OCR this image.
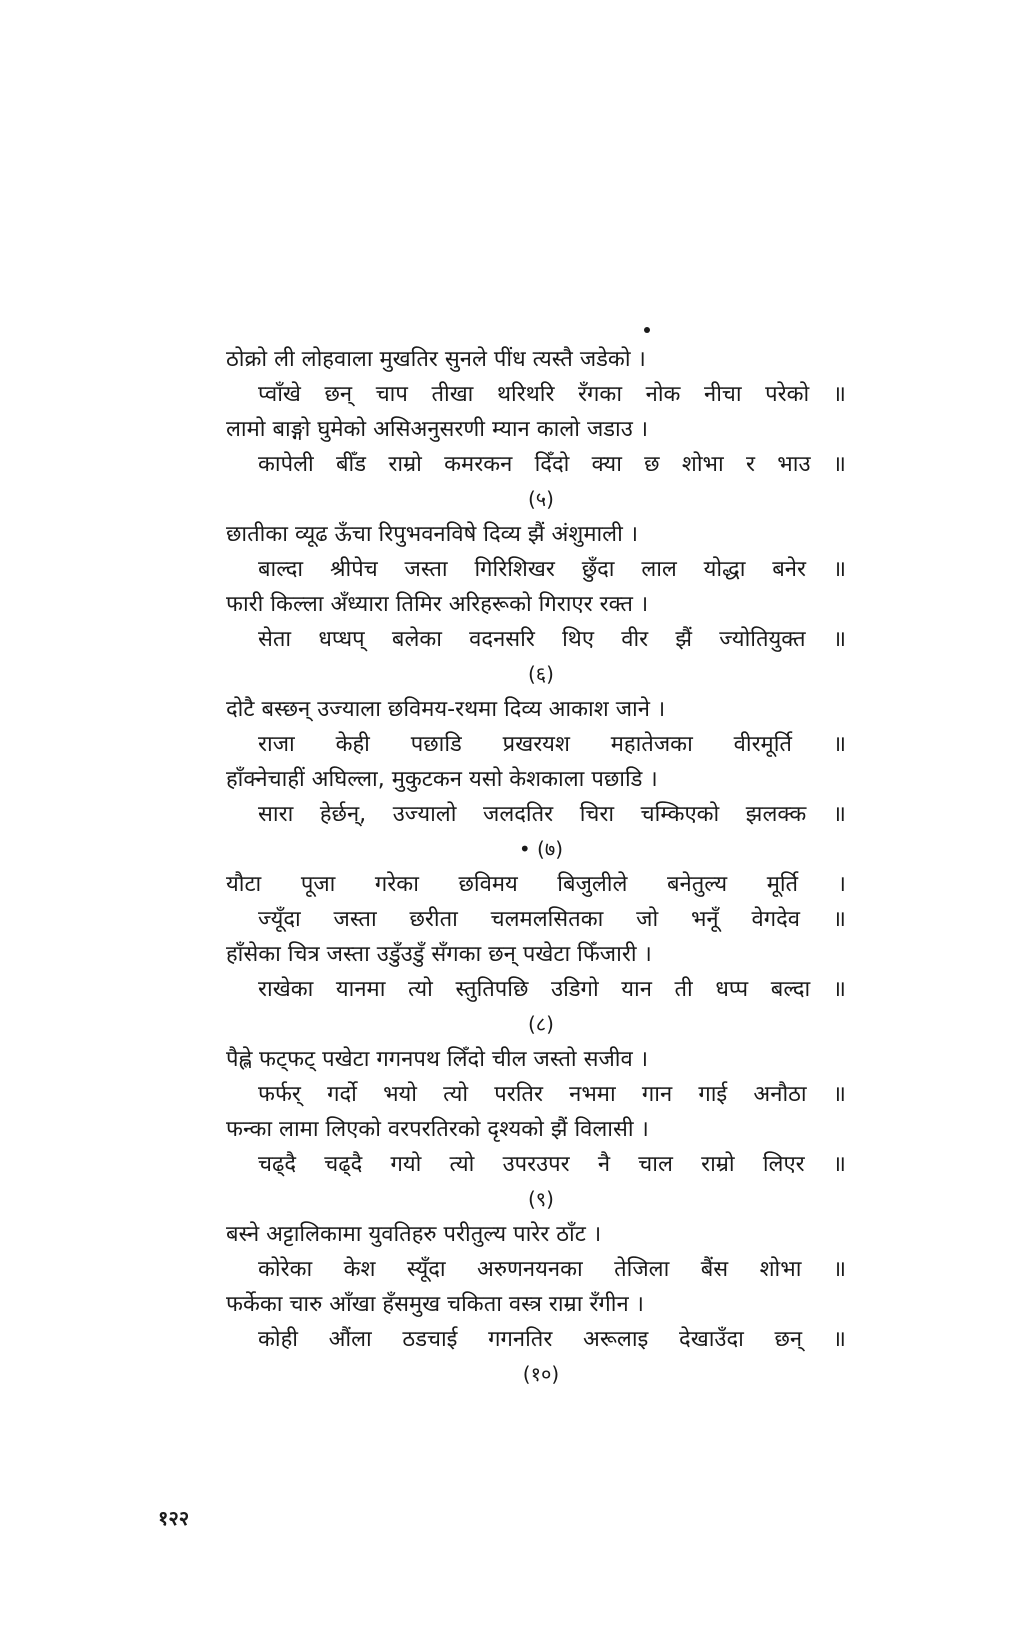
ठोक्रो ली लोहवाला मुखतिर सुनले पींध त्यस्तै जडेको ।
प्वाँखे छन् चाप तीखा थरिथरि रँगका नोक नीचा परेको ॥
लामो बाङ्गो घुमेको असिअनुसरणी म्यान कालो जडाउ ।
कापेली बीँड राम्रो कमरकन दिँदो क्या छ शोभा र भाउ ॥
(५)
छातीका व्यूढ ऊँचा रिपुभवनविषे दिव्य झैं अंशुमाली ।
बाल्दा श्रीपेच जस्ता गिरिशिखर छुँदा लाल योद्धा बनेर ॥
फारी किल्ला अँध्यारा तिमिर अरिहरूको गिराएर रक्त ।
सेता धप्धप् बलेका वदनसरि थिए वीर झैं ज्योतियुक्त ॥
(६)
दोटै बस्छन् उज्याला छविमय-रथमा दिव्य आकाश जाने ।
राजा केही पछाडि प्रखरयश महातेजका वीरमूर्ति ॥
हाँक्नेचाहीं अघिल्ला, मुकुटकन यसो केशकाला पछाडि ।
सारा हेर्छन्, उज्यालो जलदतिर चिरा चम्किएको झलक्क ॥
• (७)
यौटा पूजा गरेका छविमय बिजुलीले बनेतुल्य मूर्ति ।
ज्यूँदा जस्ता छरीता चलमलसितका जो भनूँ वेगदेव ॥
हाँसेका चित्र जस्ता उडुँउडुँ सँगका छन् पखेटा फिँजारी ।
राखेका यानमा त्यो स्तुतिपछि उडिगो यान ती धप्प बल्दा ॥
(८)
पैह्ले फट्फट् पखेटा गगनपथ लिँदो चील जस्तो सजीव ।
फर्फर् गर्दो भयो त्यो परतिर नभमा गान गाई अनौठा ॥
फन्का लामा लिएको वरपरतिरको दृश्यको झैं विलासी ।
चढ्दै चढ्दै गयो त्यो उपरउपर नै चाल राम्रो लिएर ॥
(९)
बस्ने अट्टालिकामा युवतिहरु परीतुल्य पारेर ठाँट ।
कोरेका केश स्यूँदा अरुणनयनका तेजिला बैंस शोभा ॥
फर्केका चारु आँखा हँसमुख चकिता वस्त्र राम्रा रँगीन ।
कोही औंला ठडचाई गगनतिर अरूलाइ देखाउँदा छन् ॥
(१०)
१२२
